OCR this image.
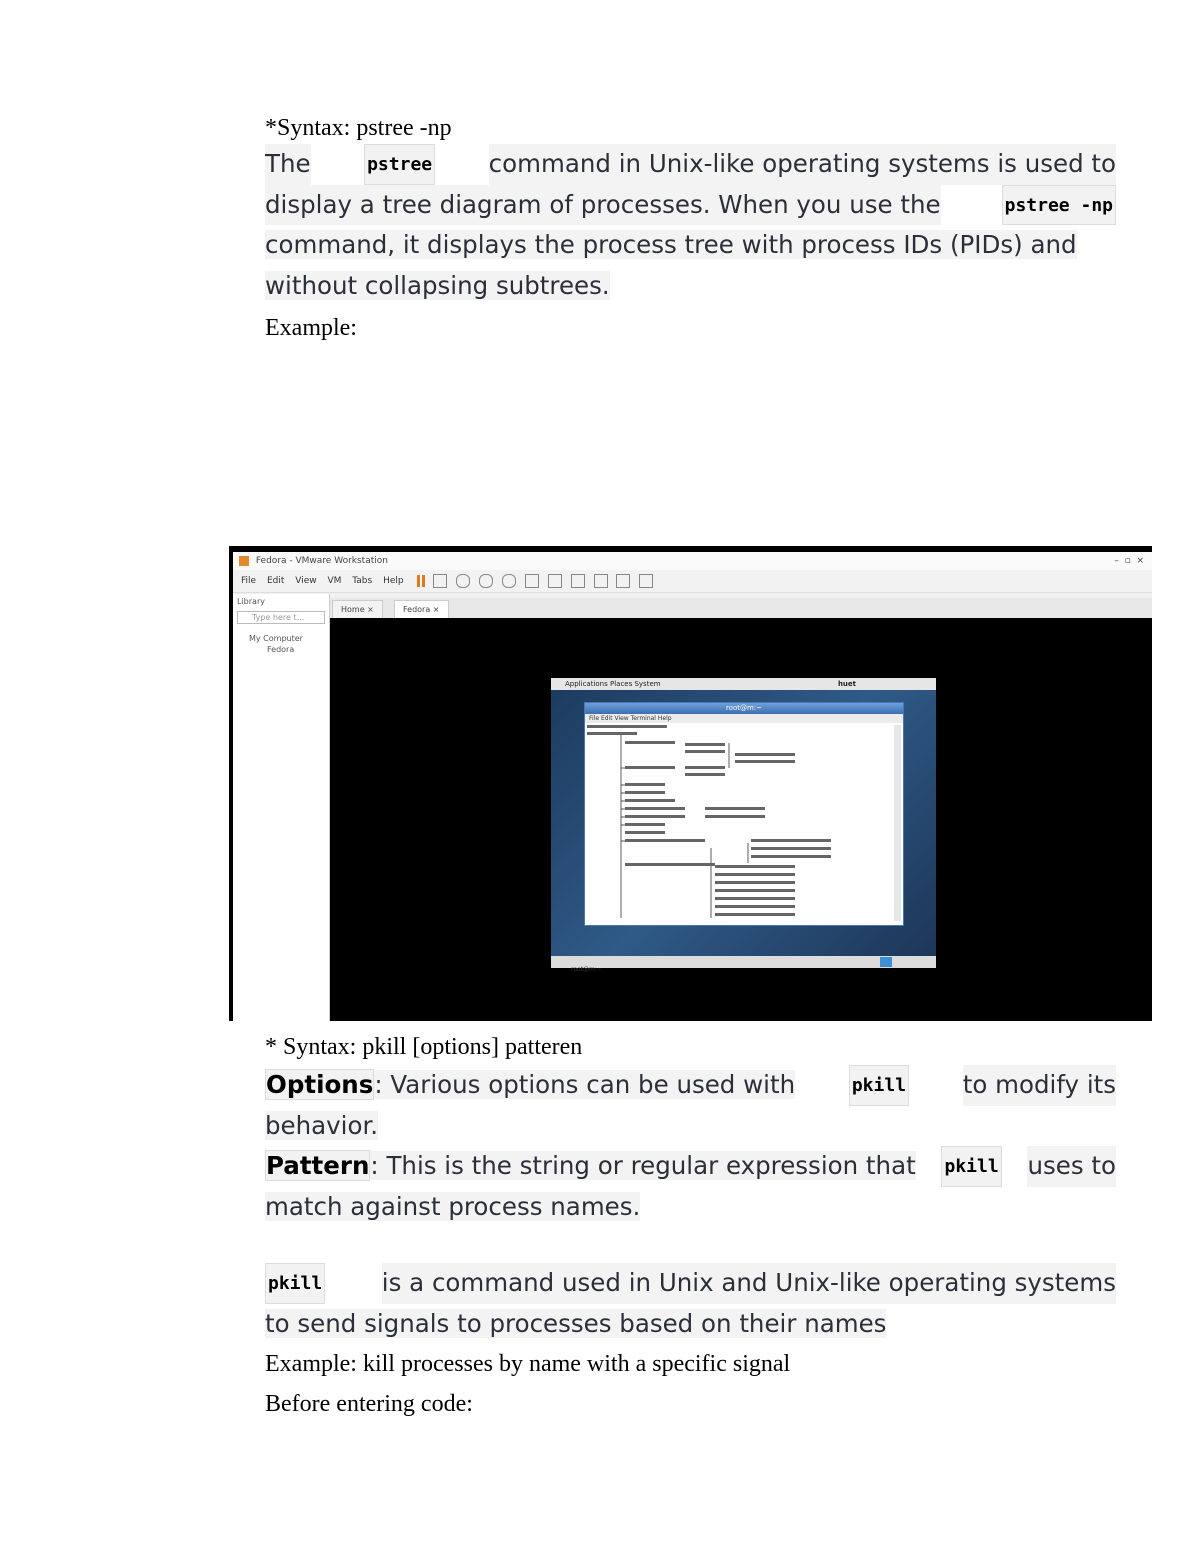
*Syntax: pstree -np
The	pstree command in Unix-like operating systems is used to
display a tree diagram of processes. When you use the	pstree -np
command, it displays the process tree with process IDs (PIDs) and
without collapsing subtrees.
Example:
Fedora - VMware Workstation	–  ▫  ×
File Edit View VM Tabs Help
Library
Type here t...
My Computer
Fedora
Home ×	Fedora ×
Applications Places System	huet
root@m:~
File Edit View Terminal Help
root@m:~
* Syntax: pkill [options] patteren
Options: Various options can be used with	pkill to modify its
behavior.
Pattern: This is the string or regular expression that pkill uses to
match against process names.
pkill is a command used in Unix and Unix-like operating systems
to send signals to processes based on their names
Example: kill processes by name with a specific signal
Before entering code:
